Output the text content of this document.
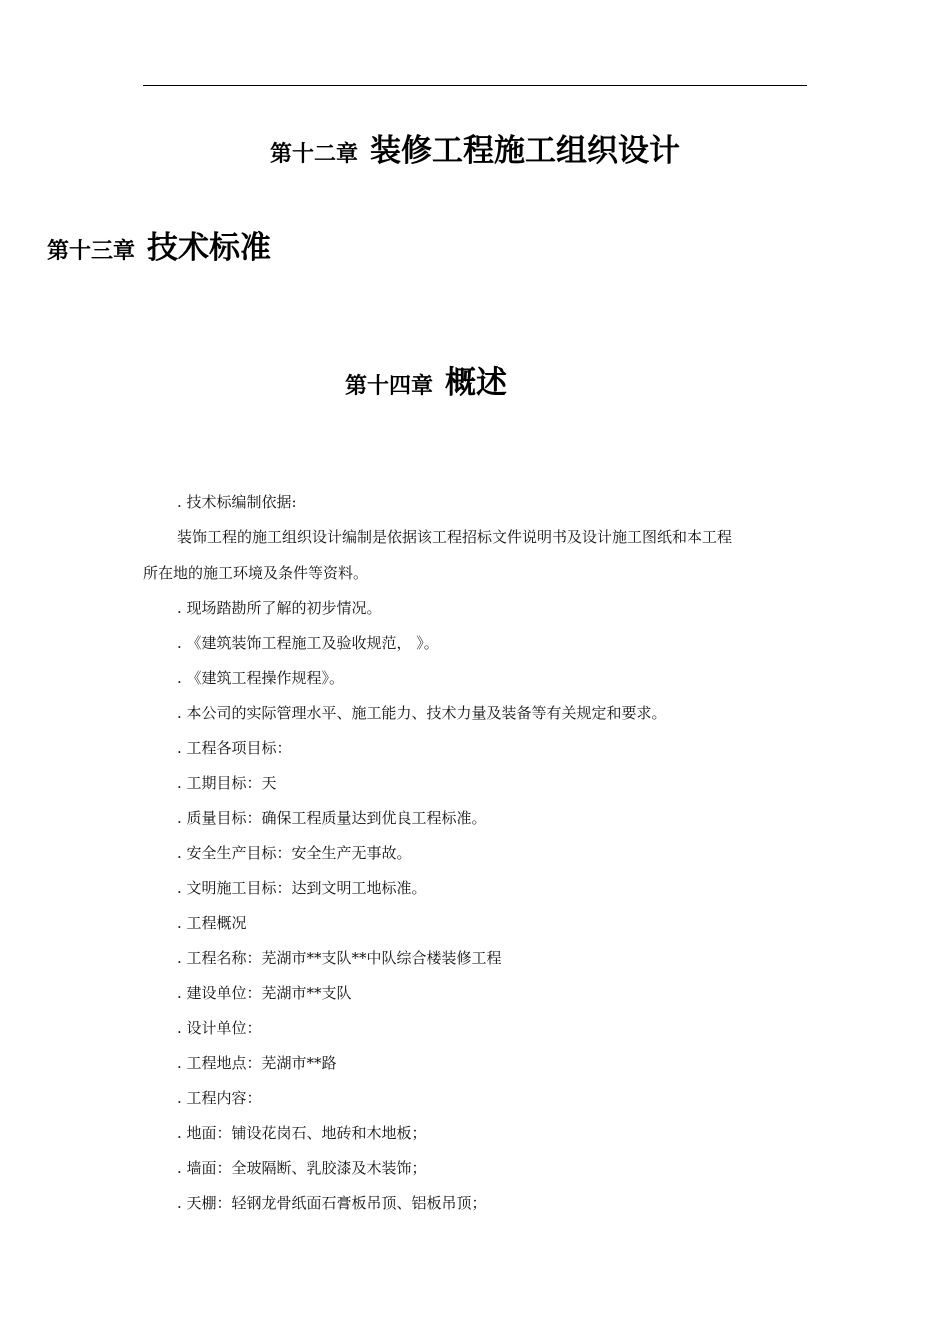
第十二章 装修工程施工组织设计
第十三章 技术标准
第十四章 概述
. 技术标编制依据:
装饰工程的施工组织设计编制是依据该工程招标文件说明书及设计施工图纸和本工程
所在地的施工环境及条件等资料。
. 现场踏勘所了解的初步情况。
. 《建筑装饰工程施工及验收规范， 》。
. 《建筑工程操作规程》。
. 本公司的实际管理水平、施工能力、技术力量及装备等有关规定和要求。
. 工程各项目标：
. 工期目标：天
. 质量目标：确保工程质量达到优良工程标准。
. 安全生产目标：安全生产无事故。
. 文明施工目标：达到文明工地标准。
. 工程概况
. 工程名称：芜湖市**支队**中队综合楼装修工程
. 建设单位：芜湖市**支队
. 设计单位：
. 工程地点：芜湖市**路
. 工程内容：
. 地面：铺设花岗石、地砖和木地板；
. 墙面：全玻隔断、乳胶漆及木装饰；
. 天棚：轻钢龙骨纸面石膏板吊顶、铝板吊顶；
